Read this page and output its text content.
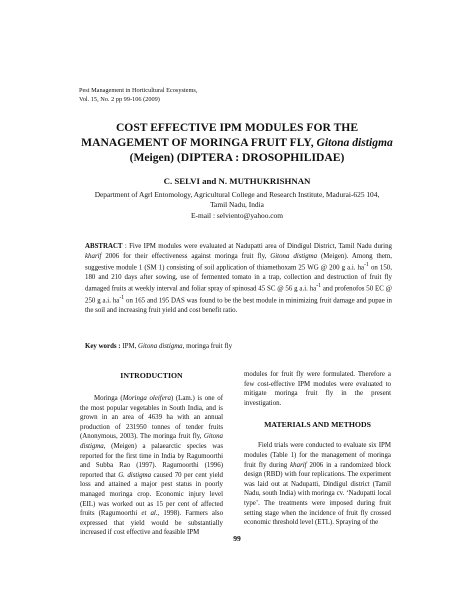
Pest Management in Horticultural Ecosystems,
Vol. 15, No. 2 pp 99-106 (2009)
COST EFFECTIVE IPM MODULES FOR THE
MANAGEMENT OF MORINGA FRUIT FLY, Gitona distigma
(Meigen) (DIPTERA : DROSOPHILIDAE)
C. SELVI and N. MUTHUKRISHNAN
Department of Agrl Entomology, Agricultural College and Research Institute, Madurai-625 104,
Tamil Nadu, India
E-mail : selviento@yahoo.com
ABSTRACT : Five IPM modules were evaluated at Nadupatti area of Dindigul District, Tamil Nadu during kharif 2006 for their effectiveness against moringa fruit fly, Gitona distigma (Meigen). Among them, suggestive module 1 (SM 1) consisting of soil application of thiamethoxam 25 WG @ 200 g a.i. $ha^{-1}$ on 150, 180 and 210 days after sowing, use of fermented tomato in a trap, collection and destruction of fruit fly damaged fruits at weekly interval and foliar spray of spinosad 45 SC @ 56 g a.i. $ha^{-1}$ and profenofos 50 EC @ 250 g a.i. $ha^{-1}$ on 165 and 195 DAS was found to be the best module in minimizing fruit damage and pupae in the soil and increasing fruit yield and cost benefit ratio.
Key words : IPM, Gitona distigma, moringa fruit fly

INTRODUCTION

Moringa (Moringa oleifera) (Lam.) is one of the most popular vegetables in South India, and is grown in an area of 4639 ha with an annual production of 231950 tonnes of tender fruits (Anonymous, 2003). The moringa fruit fly, Gitona distigma, (Meigen) a palaearctic species was reported for the first time in India by Ragumoorthi and Subba Rao (1997). Ragumoorthi (1996) reported that G. distigma caused 70 per cent yield loss and attained a major pest status in poorly managed moringa crop. Economic injury level (EIL) was worked out as 15 per cent of affected fruits (Ragumoorthi et al., 1998). Farmers also expressed that yield would be substantially increased if cost effective and feasible IPM

modules for fruit fly were formulated. Therefore a few cost-effective IPM modules were evaluated to mitigate moringa fruit fly in the present investigation.

MATERIALS AND METHODS

Field trials were conducted to evaluate six IPM modules (Table 1) for the management of moringa fruit fly during kharif 2006 in a randomized block design (RBD) with four replications. The experiment was laid out at Nadupatti, Dindigul district (Tamil Nadu, south India) with moringa cv. ‘Nadupatti local type’. The treatments were imposed during fruit setting stage when the incidence of fruit fly crossed economic threshold level (ETL). Spraying of the

99
